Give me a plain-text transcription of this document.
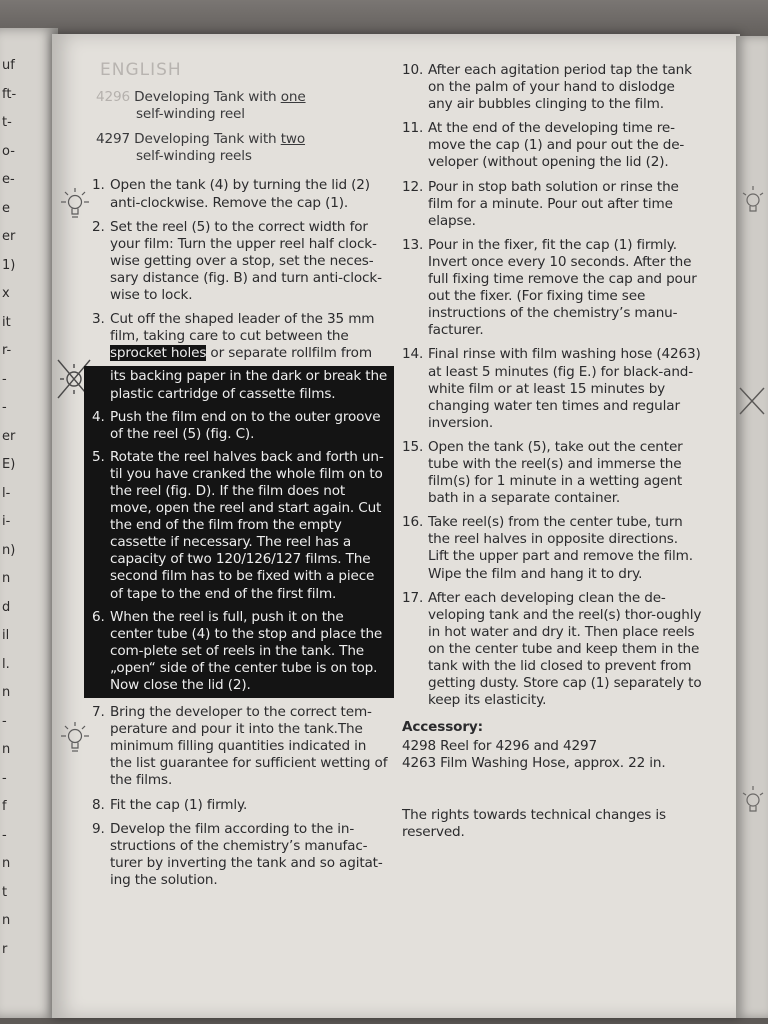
uf
ft-
t-
o-
e-
e
er
1)
x
it
r-
-
-
er
E)
l-
i-
n)
n
d
il
l.
n
-
n
-
f
-
n
t
n
r
ENGLISH
4296 Developing Tank with one
self-winding reel
4297 Developing Tank with two
self-winding reels
1. Open the tank (4) by turning the lid (2) anti-clockwise. Remove the cap (1).
2. Set the reel (5) to the correct width for your film: Turn the upper reel half clock-wise getting over a stop, set the neces-sary distance (fig. B) and turn anti-clock-wise to lock.
3. Cut off the shaped leader of the 35 mm film, taking care to cut between the sprocket holes or separate rollfilm from
its backing paper in the dark or break the plastic cartridge of cassette films.
4. Push the film end on to the outer groove of the reel (5) (fig. C).
5. Rotate the reel halves back and forth un-til you have cranked the whole film on to the reel (fig. D). If the film does not move, open the reel and start again. Cut the end of the film from the empty cassette if necessary. The reel has a capacity of two 120/126/127 films. The second film has to be fixed with a piece of tape to the end of the first film.
6. When the reel is full, push it on the center tube (4) to the stop and place the com-plete set of reels in the tank. The „open“ side of the center tube is on top. Now close the lid (2).
7. Bring the developer to the correct tem-perature and pour it into the tank.The minimum filling quantities indicated in the list guarantee for sufficient wetting of the films.
8. Fit the cap (1) firmly.
9. Develop the film according to the in-structions of the chemistry’s manufac-turer by inverting the tank and so agitat-ing the solution.
10. After each agitation period tap the tank on the palm of your hand to dislodge any air bubbles clinging to the film.
11. At the end of the developing time re-move the cap (1) and pour out the de-veloper (without opening the lid (2).
12. Pour in stop bath solution or rinse the film for a minute. Pour out after time elapse.
13. Pour in the fixer, fit the cap (1) firmly. Invert once every 10 seconds. After the full fixing time remove the cap and pour out the fixer. (For fixing time see instructions of the chemistry’s manu-facturer.
14. Final rinse with film washing hose (4263) at least 5 minutes (fig E.) for black-and-white film or at least 15 minutes by changing water ten times and regular inversion.
15. Open the tank (5), take out the center tube with the reel(s) and immerse the film(s) for 1 minute in a wetting agent bath in a separate container.
16. Take reel(s) from the center tube, turn the reel halves in opposite directions. Lift the upper part and remove the film. Wipe the film and hang it to dry.
17. After each developing clean the de-veloping tank and the reel(s) thor-oughly in hot water and dry it. Then place reels on the center tube and keep them in the tank with the lid closed to prevent from getting dusty. Store cap (1) separately to keep its elasticity.
Accessory:
4298 Reel for 4296 and 4297
4263 Film Washing Hose, approx. 22 in.
The rights towards technical changes is reserved.
